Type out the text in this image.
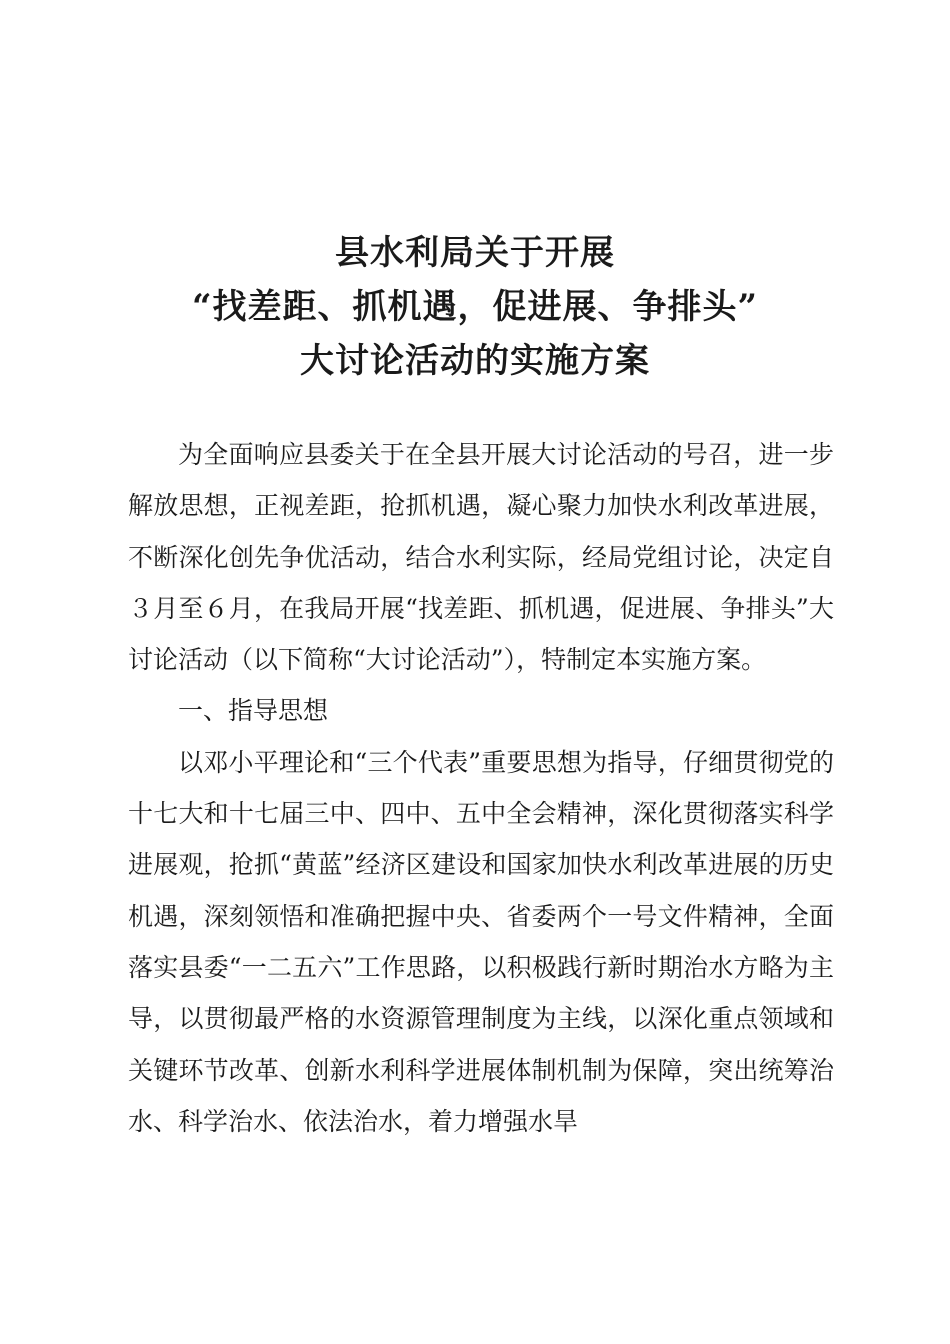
县水利局关于开展
“找差距、抓机遇，促进展、争排头”
大讨论活动的实施方案

为全面响应县委关于在全县开展大讨论活动的号召，进一步解放思想，正视差距，抢抓机遇，凝心聚力加快水利改革进展，不断深化创先争优活动，结合水利实际，经局党组讨论，决定自３月至６月，在我局开展“找差距、抓机遇，促进展、争排头”大讨论活动（以下简称“大讨论活动”），特制定本实施方案。

一、指导思想

以邓小平理论和“三个代表”重要思想为指导，仔细贯彻党的十七大和十七届三中、四中、五中全会精神，深化贯彻落实科学进展观，抢抓“黄蓝”经济区建设和国家加快水利改革进展的历史机遇，深刻领悟和准确把握中央、省委两个一号文件精神，全面落实县委“一二五六”工作思路，以积极践行新时期治水方略为主导，以贯彻最严格的水资源管理制度为主线，以深化重点领域和关键环节改革、创新水利科学进展体制机制为保障，突出统筹治水、科学治水、依法治水，着力增强水旱
